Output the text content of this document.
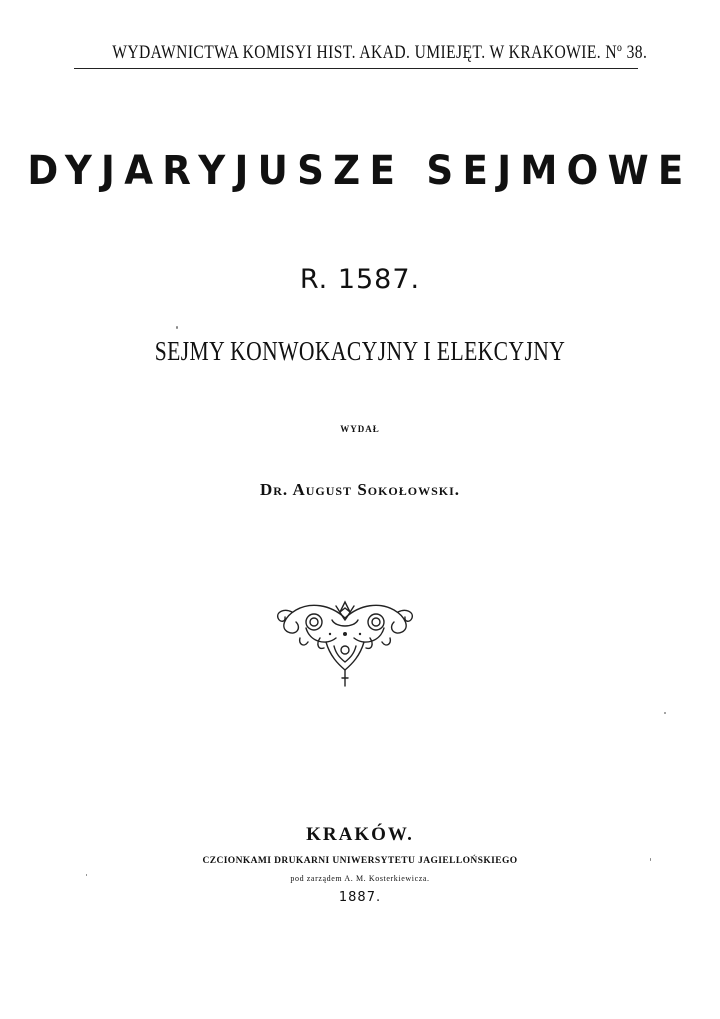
WYDAWNICTWA KOMISYI HIST. AKAD. UMIEJĘT. W KRAKOWIE. Nº 38.
DYJARYJUSZE SEJMOWE
R. 1587.
SEJMY KONWOKACYJNY I ELEKCYJNY
WYDAŁ
Dr. August Sokołowski.
KRAKÓW.
CZCIONKAMI DRUKARNI UNIWERSYTETU JAGIELLOŃSKIEGO
pod zarządem A. M. Kosterkiewicza.
1887.
